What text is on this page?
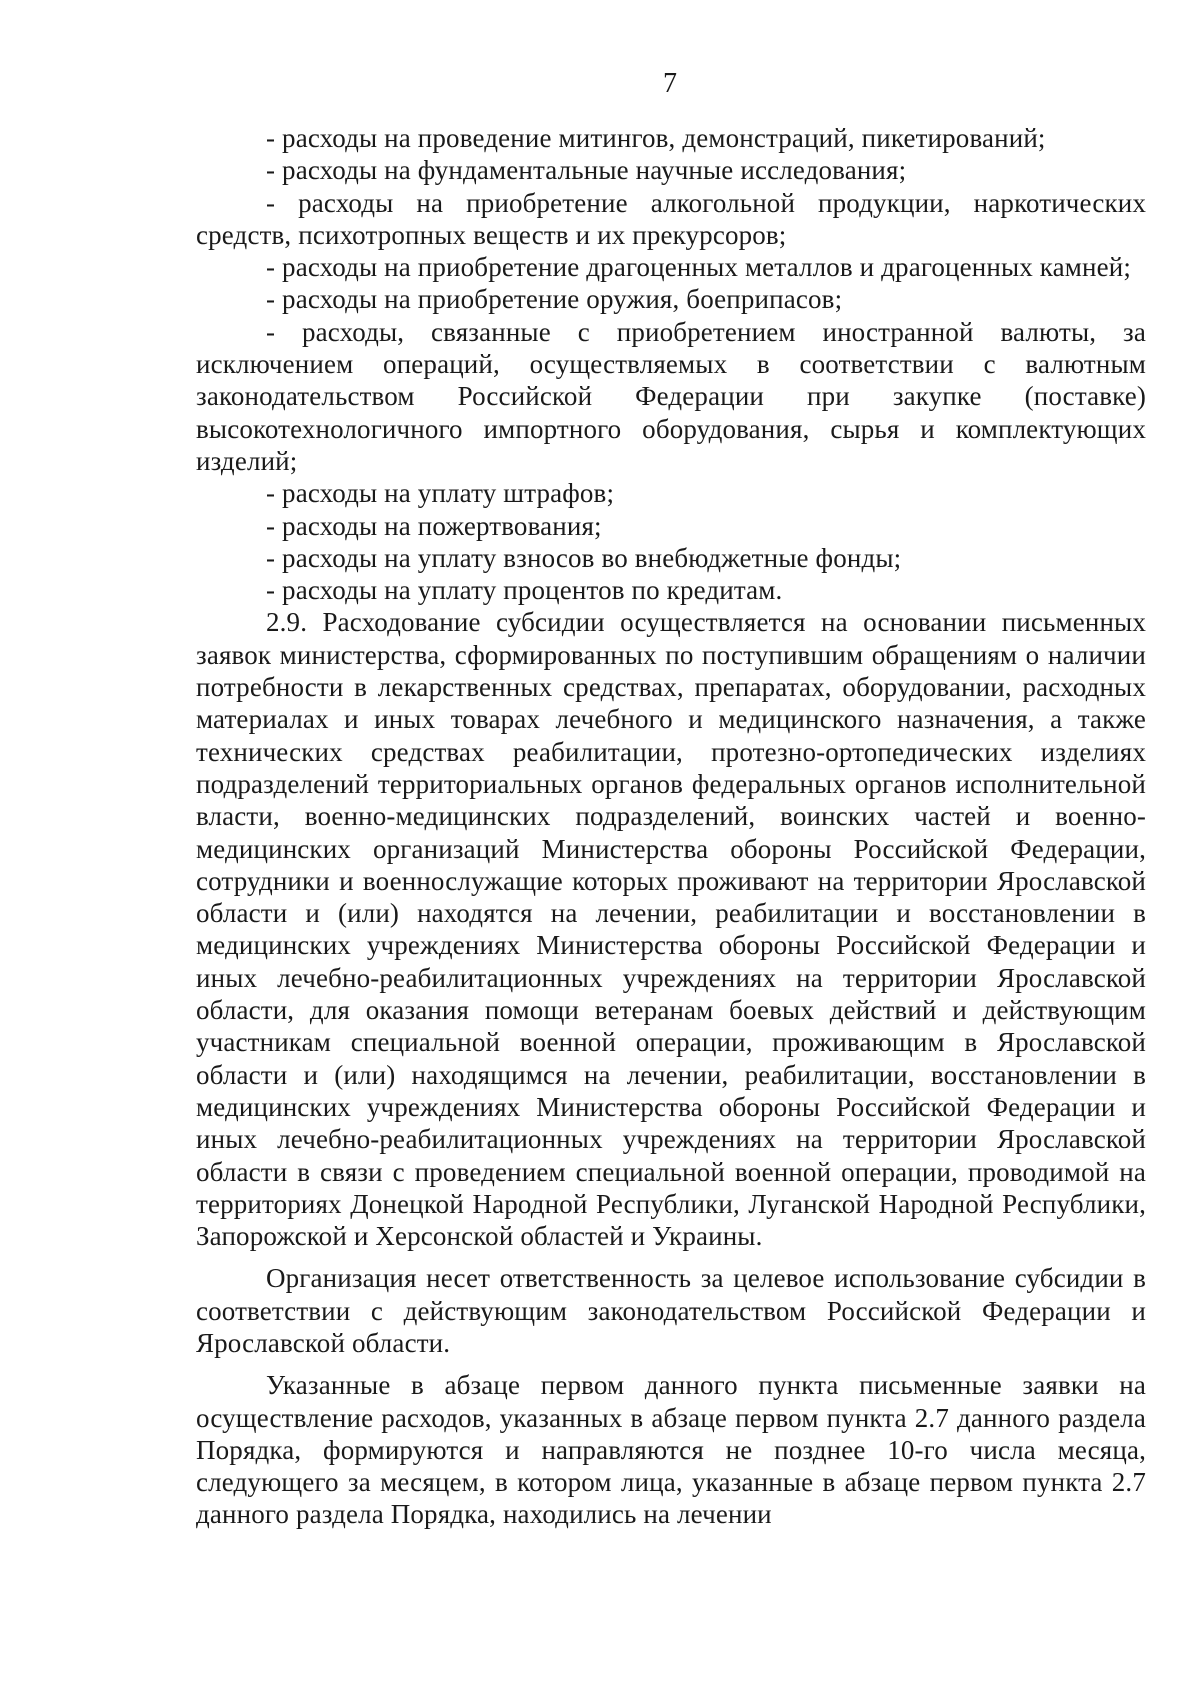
7

- расходы на проведение митингов, демонстраций, пикетирований;

- расходы на фундаментальные научные исследования;

- расходы на приобретение алкогольной продукции, наркотических средств, психотропных веществ и их прекурсоров;

- расходы на приобретение драгоценных металлов и драгоценных камней;

- расходы на приобретение оружия, боеприпасов;

- расходы, связанные с приобретением иностранной валюты, за исключением операций, осуществляемых в соответствии с валютным законодательством Российской Федерации при закупке (поставке) высокотехнологичного импортного оборудования, сырья и комплектующих изделий;

- расходы на уплату штрафов;

- расходы на пожертвования;

- расходы на уплату взносов во внебюджетные фонды;

- расходы на уплату процентов по кредитам.

2.9. Расходование субсидии осуществляется на основании письменных заявок министерства, сформированных по поступившим обращениям о наличии потребности в лекарственных средствах, препаратах, оборудовании, расходных материалах и иных товарах лечебного и медицинского назначения, а также технических средствах реабилитации, протезно-ортопедических изделиях подразделений территориальных органов федеральных органов исполнительной власти, военно-медицинских подразделений, воинских частей и военно-медицинских организаций Министерства обороны Российской Федерации, сотрудники и военнослужащие которых проживают на территории Ярославской области и (или) находятся на лечении, реабилитации и восстановлении в медицинских учреждениях Министерства обороны Российской Федерации и иных лечебно-реабилитационных учреждениях на территории Ярославской области, для оказания помощи ветеранам боевых действий и действующим участникам специальной военной операции, проживающим в Ярославской области и (или) находящимся на лечении, реабилитации, восстановлении в медицинских учреждениях Министерства обороны Российской Федерации и иных лечебно-реабилитационных учреждениях на территории Ярославской области в связи с проведением специальной военной операции, проводимой на территориях Донецкой Народной Республики, Луганской Народной Республики, Запорожской и Херсонской областей и Украины.

Организация несет ответственность за целевое использование субсидии в соответствии с действующим законодательством Российской Федерации и Ярославской области.

Указанные в абзаце первом данного пункта письменные заявки на осуществление расходов, указанных в абзаце первом пункта 2.7 данного раздела Порядка, формируются и направляются не позднее 10-го числа месяца, следующего за месяцем, в котором лица, указанные в абзаце первом пункта 2.7 данного раздела Порядка, находились на лечении
